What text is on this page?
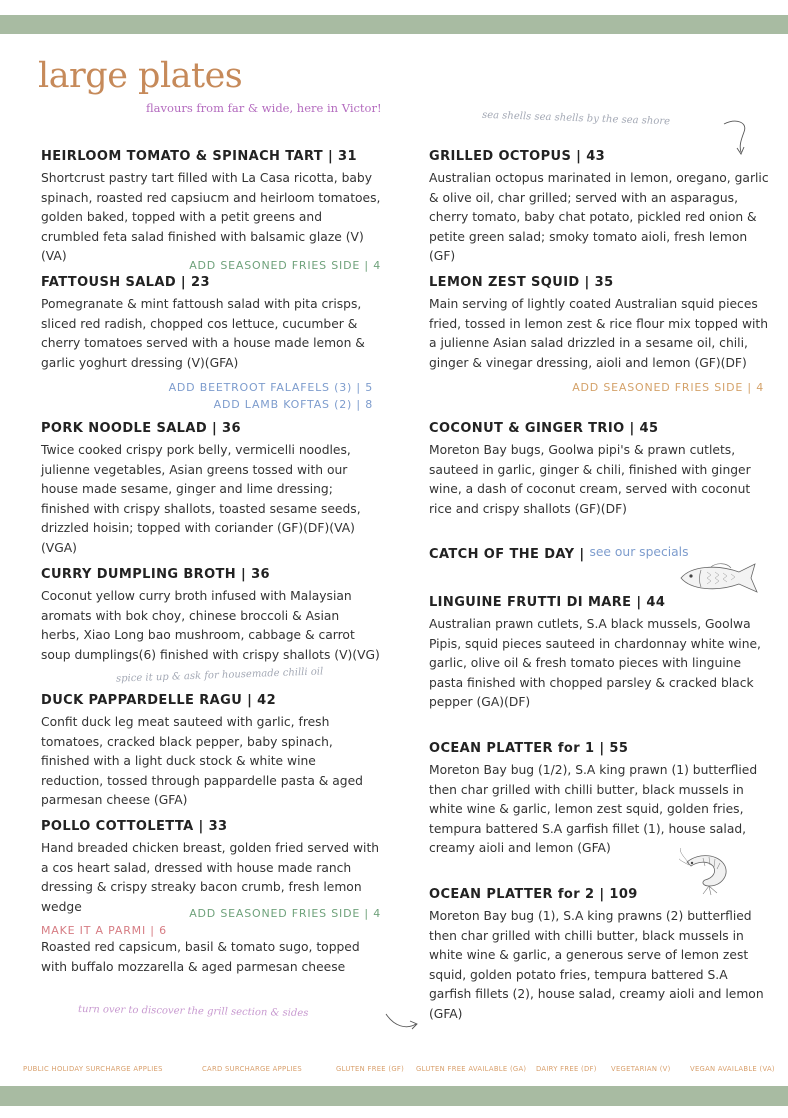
large plates
flavours from far & wide, here in Victor!
sea shells sea shells by the sea shore
HEIRLOOM TOMATO & SPINACH TART | 31
Shortcrust pastry tart filled with La Casa ricotta, baby spinach, roasted red capsiucm and heirloom tomatoes, golden baked, topped with a petit greens and crumbled feta salad finished with balsamic glaze (V)(VA)
ADD SEASONED FRIES SIDE | 4
FATTOUSH SALAD | 23
Pomegranate & mint fattoush salad with pita crisps, sliced red radish, chopped cos lettuce, cucumber & cherry tomatoes served with a house made lemon & garlic yoghurt dressing (V)(GFA)
ADD BEETROOT FALAFELS (3) | 5
ADD LAMB KOFTAS (2) | 8
PORK NOODLE SALAD | 36
Twice cooked crispy pork belly, vermicelli noodles, julienne vegetables, Asian greens tossed with our house made sesame, ginger and lime dressing; finished with crispy shallots, toasted sesame seeds, drizzled hoisin; topped with coriander (GF)(DF)(VA)(VGA)
CURRY DUMPLING BROTH | 36
Coconut yellow curry broth infused with Malaysian aromats with bok choy, chinese broccoli & Asian herbs, Xiao Long bao mushroom, cabbage & carrot soup dumplings(6) finished with crispy shallots (V)(VG)
spice it up & ask for housemade chilli oil
DUCK PAPPARDELLE RAGU | 42
Confit duck leg meat sauteed with garlic, fresh tomatoes, cracked black pepper, baby spinach, finished with a light duck stock & white wine reduction, tossed through pappardelle pasta & aged parmesan cheese (GFA)
POLLO COTTOLETTA | 33
Hand breaded chicken breast, golden fried served with a cos heart salad, dressed with house made ranch dressing & crispy streaky bacon crumb, fresh lemon wedge	ADD SEASONED FRIES SIDE | 4
MAKE IT A PARMI | 6
Roasted red capsicum, basil & tomato sugo, topped with buffalo mozzarella & aged parmesan cheese
GRILLED OCTOPUS | 43
Australian octopus marinated in lemon, oregano, garlic & olive oil, char grilled; served with an asparagus, cherry tomato, baby chat potato, pickled red onion & petite green salad; smoky tomato aioli, fresh lemon (GF)
LEMON ZEST SQUID | 35
Main serving of lightly coated Australian squid pieces fried, tossed in lemon zest & rice flour mix topped with a julienne Asian salad drizzled in a sesame oil, chili, ginger & vinegar dressing, aioli and lemon (GF)(DF)
ADD SEASONED FRIES SIDE | 4
COCONUT & GINGER TRIO | 45
Moreton Bay bugs, Goolwa pipi's & prawn cutlets, sauteed in garlic, ginger & chili, finished with ginger wine, a dash of coconut cream, served with coconut rice and crispy shallots (GF)(DF)
CATCH OF THE DAY | see our specials
LINGUINE FRUTTI DI MARE | 44
Australian prawn cutlets, S.A black mussels, Goolwa Pipis, squid pieces sauteed in chardonnay white wine, garlic, olive oil & fresh tomato pieces with linguine pasta finished with chopped parsley & cracked black pepper (GA)(DF)
OCEAN PLATTER for 1 | 55
Moreton Bay bug (1/2), S.A king prawn (1) butterflied then char grilled with chilli butter, black mussels in white wine & garlic, lemon zest squid, golden fries, tempura battered S.A garfish fillet (1), house salad, creamy aioli and lemon (GFA)
OCEAN PLATTER for 2 | 109
Moreton Bay bug (1), S.A king prawns (2) butterflied then char grilled with chilli butter, black mussels in white wine & garlic, a generous serve of lemon zest squid, golden potato fries, tempura battered S.A garfish fillets (2), house salad, creamy aioli and lemon (GFA)
turn over to discover the grill section & sides
PUBLIC HOLIDAY SURCHARGE APPLIES	CARD SURCHARGE APPLIES	GLUTEN FREE (GF) GLUTEN FREE AVAILABLE (GA) DAIRY FREE (DF) VEGETARIAN (V)	VEGAN AVAILABLE (VA)
